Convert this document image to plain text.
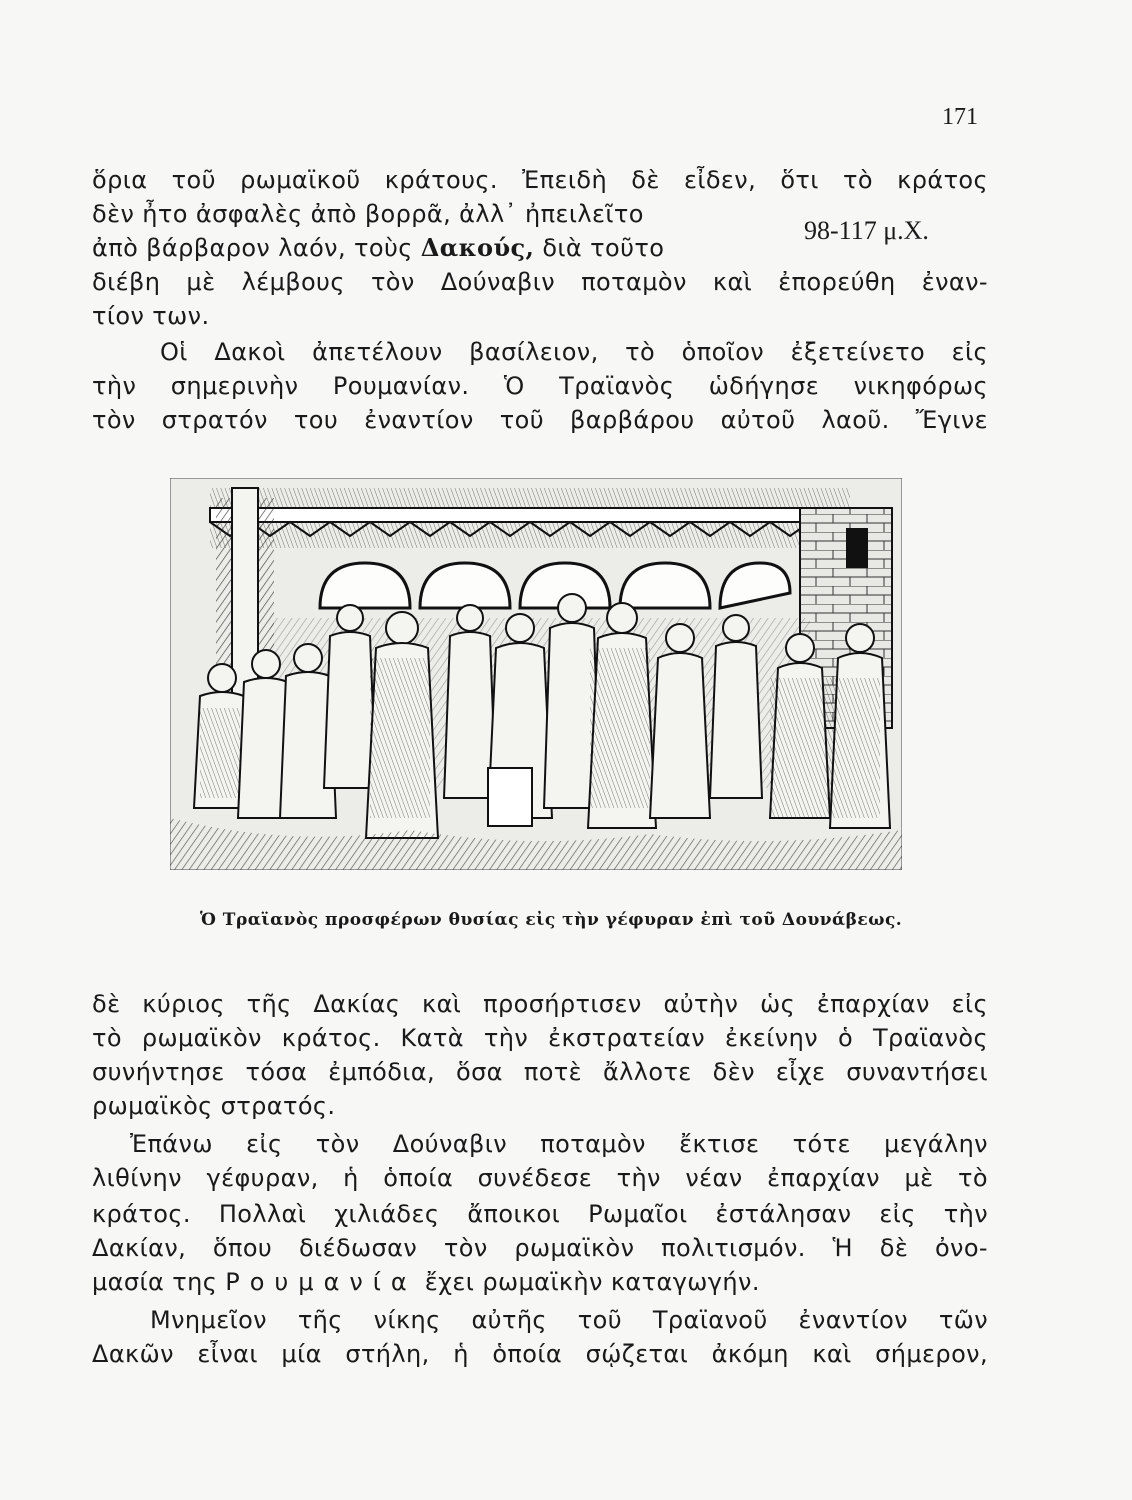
171
ὅρια τοῦ ρωμαϊκοῦ κράτους. Ἐπειδὴ δὲ εἶδεν, ὅτι τὸ κράτος
δὲν ἦτο ἀσφαλὲς ἀπὸ βορρᾶ, ἀλλ᾽ ἠπειλεῖτο
ἀπὸ βάρβαρον λαόν, τοὺς Δακούς, διὰ τοῦτο
διέβη μὲ λέμβους τὸν Δούναβιν ποταμὸν καὶ ἐπορεύθη ἐναν-
τίον των.
98-117 μ.Χ.
Οἱ Δακοὶ ἀπετέλουν βασίλειον, τὸ ὁποῖον ἐξετείνετο εἰς
τὴν σημερινὴν Ρουμανίαν. Ὁ Τραϊανὸς ὡδήγησε νικηφόρως
τὸν στρατόν του ἐναντίον τοῦ βαρβάρου αὐτοῦ λαοῦ. Ἔγινε
Ὁ Τραϊανὸς προσφέρων θυσίας εἰς τὴν γέφυραν ἐπὶ τοῦ Δουνάβεως.
δὲ κύριος τῆς Δακίας καὶ προσήρτισεν αὐτὴν ὡς ἐπαρχίαν εἰς
τὸ ρωμαϊκὸν κράτος. Κατὰ τὴν ἐκστρατείαν ἐκείνην ὁ Τραϊανὸς
συνήντησε τόσα ἐμπόδια, ὅσα ποτὲ ἄλλοτε δὲν εἶχε συναντήσει
ρωμαϊκὸς στρατός.
Ἐπάνω εἰς τὸν Δούναβιν ποταμὸν ἔκτισε τότε μεγάλην
λιθίνην γέφυραν, ἡ ὁποία συνέδεσε τὴν νέαν ἐπαρχίαν μὲ τὸ
κράτος. Πολλαὶ χιλιάδες ἄποικοι Ρωμαῖοι ἐστάλησαν εἰς τὴν
Δακίαν, ὅπου διέδωσαν τὸν ρωμαϊκὸν πολιτισμόν. Ἡ δὲ ὀνο-
μασία της Ρουμανία ἔχει ρωμαϊκὴν καταγωγήν.
Μνημεῖον τῆς νίκης αὐτῆς τοῦ Τραϊανοῦ ἐναντίον τῶν
Δακῶν εἶναι μία στήλη, ἡ ὁποία σῴζεται ἀκόμη καὶ σήμερον,
